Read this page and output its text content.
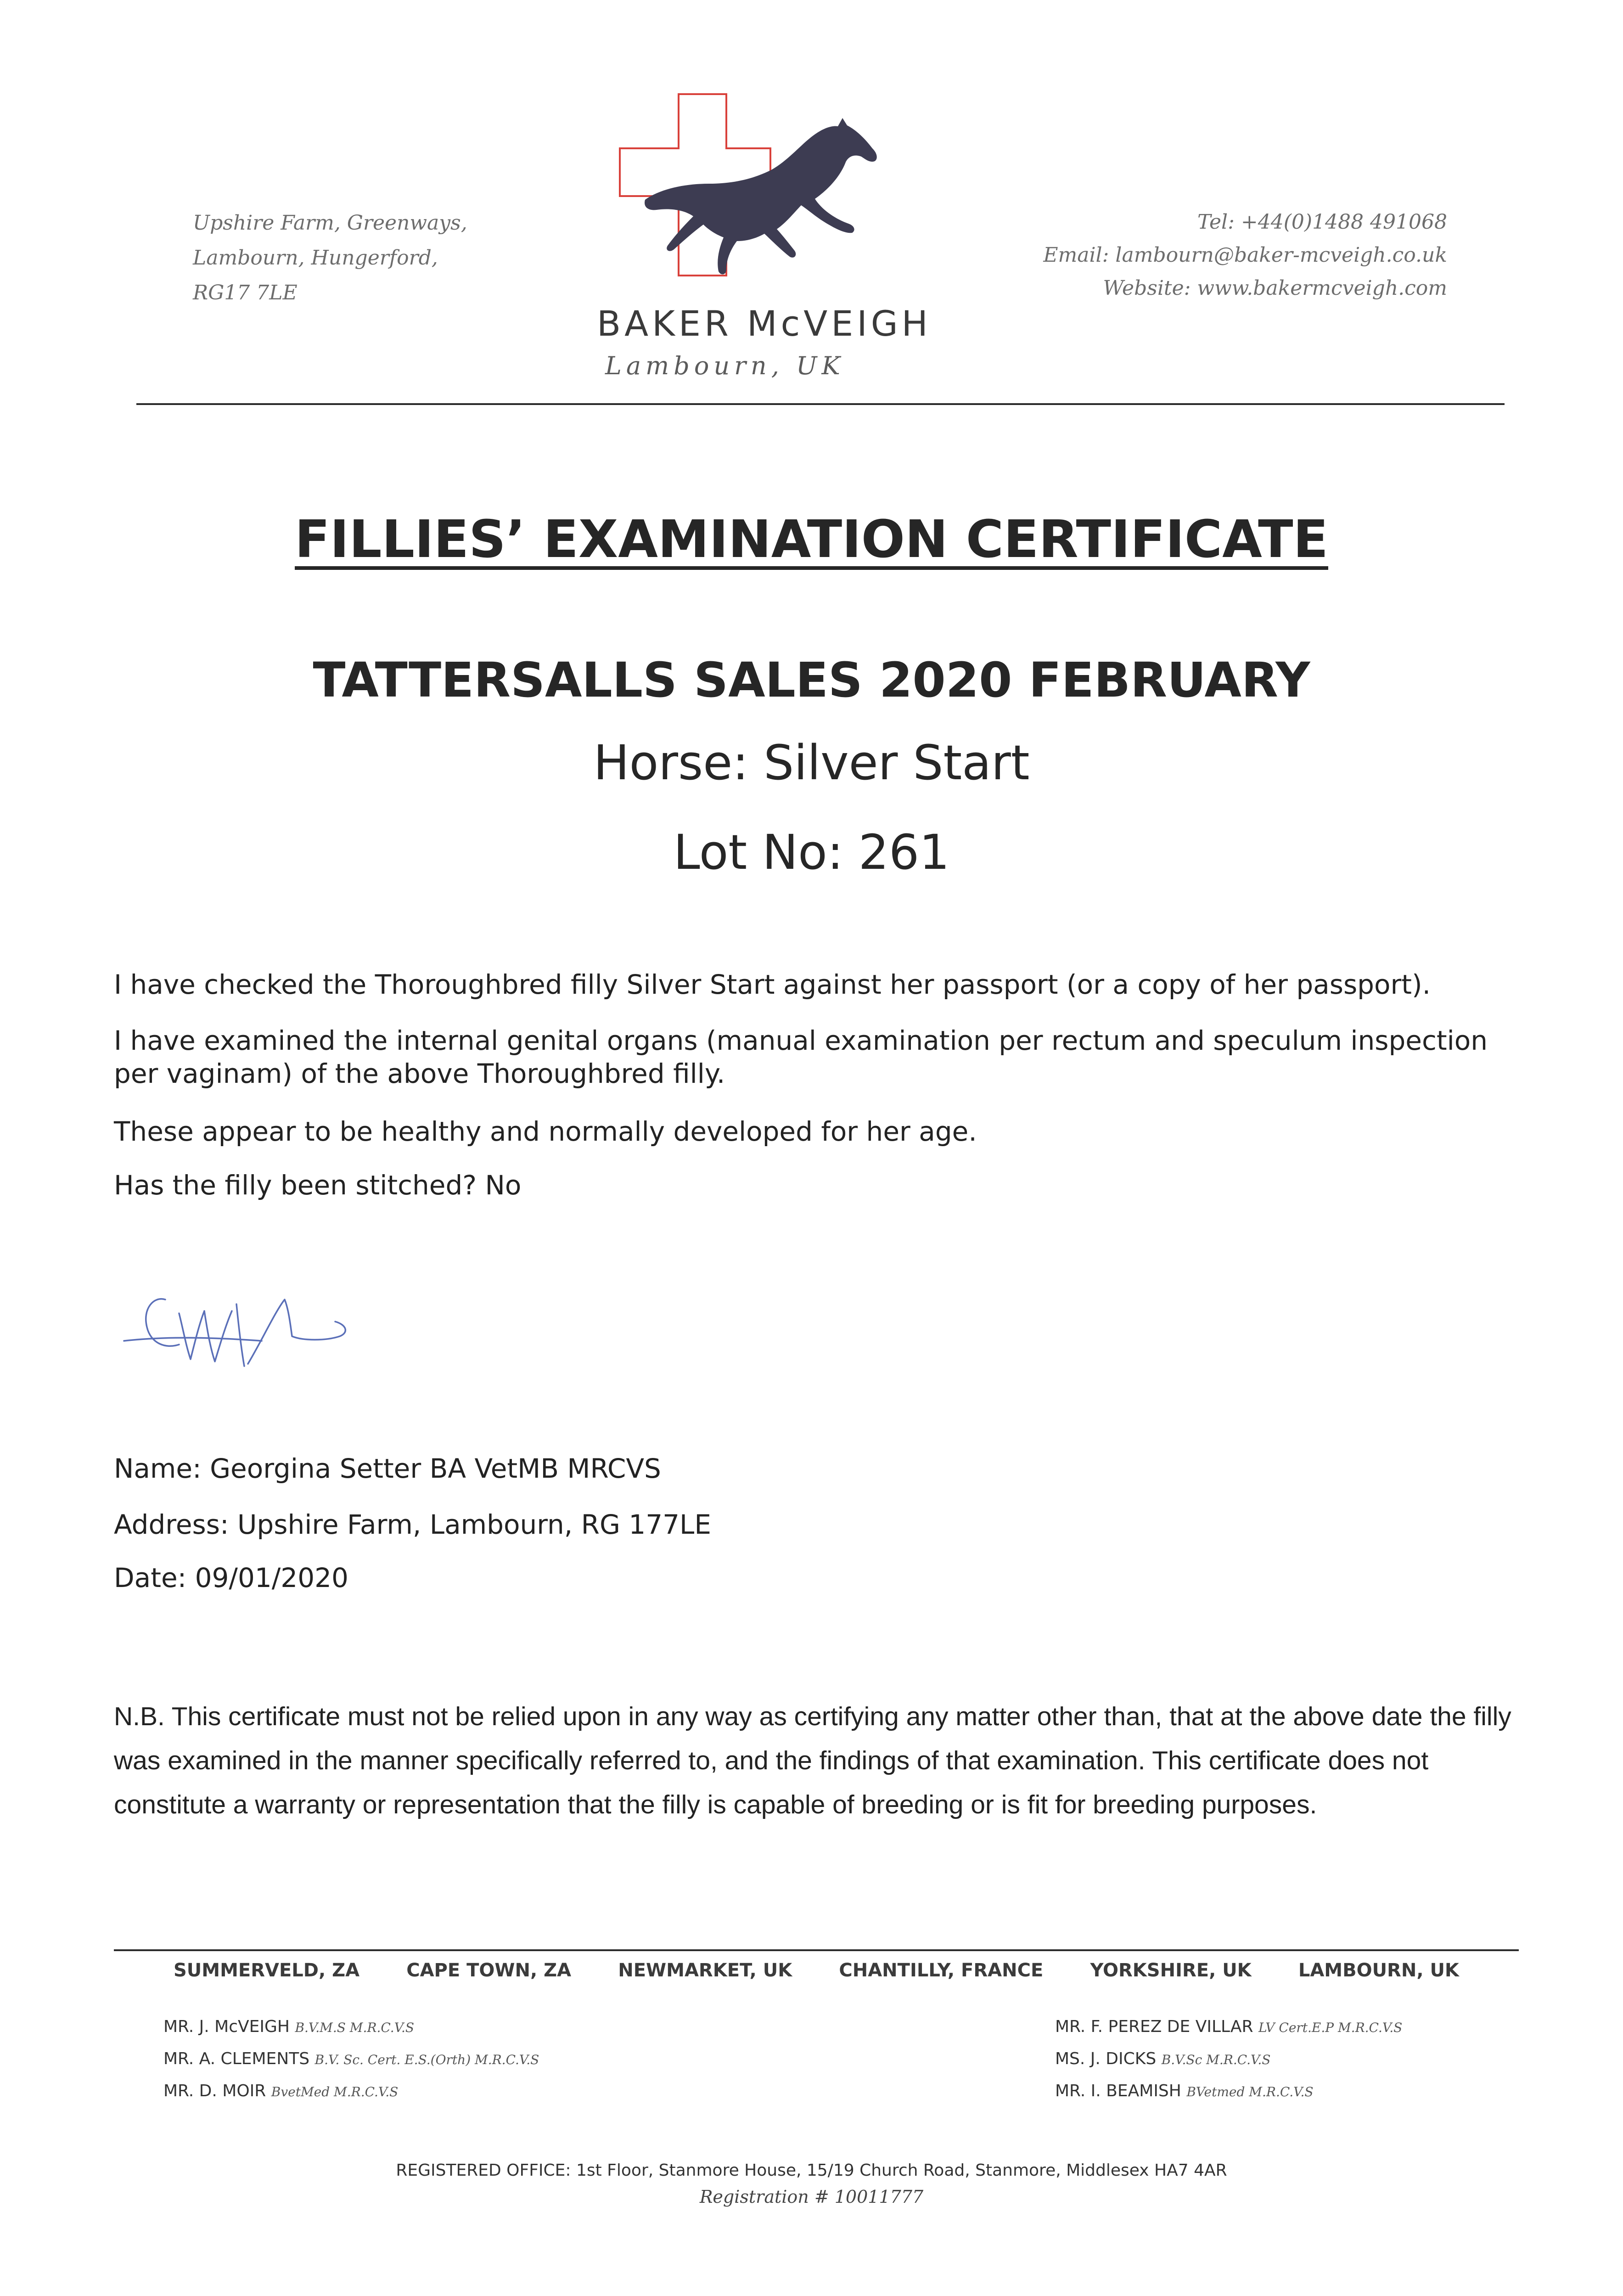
Upshire Farm, Greenways,
Lambourn, Hungerford,
RG17 7LE
BAKER McVEIGH
Lambourn, UK
Tel: +44(0)1488 491068
Email: lambourn@baker-mcveigh.co.uk
Website: www.bakermcveigh.com
FILLIES’ EXAMINATION CERTIFICATE
TATTERSALLS SALES 2020 FEBRUARY
Horse: Silver Start
Lot No: 261
I have checked the Thoroughbred filly Silver Start against her passport (or a copy of her passport).
I have examined the internal genital organs (manual examination per rectum and speculum inspection per vaginam) of the above Thoroughbred filly.
These appear to be healthy and normally developed for her age.
Has the filly been stitched? No
Name: Georgina Setter BA VetMB MRCVS
Address: Upshire Farm, Lambourn, RG 177LE
Date: 09/01/2020
N.B. This certificate must not be relied upon in any way as certifying any matter other than, that at the above date the filly was examined in the manner specifically referred to, and the findings of that examination. This certificate does not constitute a warranty or representation that the filly is capable of breeding or is fit for breeding purposes.
SUMMERVELD, ZA	CAPE TOWN, ZA	NEWMARKET, UK	CHANTILLY, FRANCE	YORKSHIRE, UK	LAMBOURN, UK
MR. J. McVEIGH B.V.M.S M.R.C.V.S
MR. A. CLEMENTS B.V. Sc. Cert. E.S.(Orth) M.R.C.V.S
MR. D. MOIR BvetMed M.R.C.V.S
MR. F. PEREZ DE VILLAR LV Cert.E.P M.R.C.V.S
MS. J. DICKS B.V.Sc M.R.C.V.S
MR. I. BEAMISH BVetmed M.R.C.V.S
REGISTERED OFFICE: 1st Floor, Stanmore House, 15/19 Church Road, Stanmore, Middlesex HA7 4AR
Registration # 10011777
